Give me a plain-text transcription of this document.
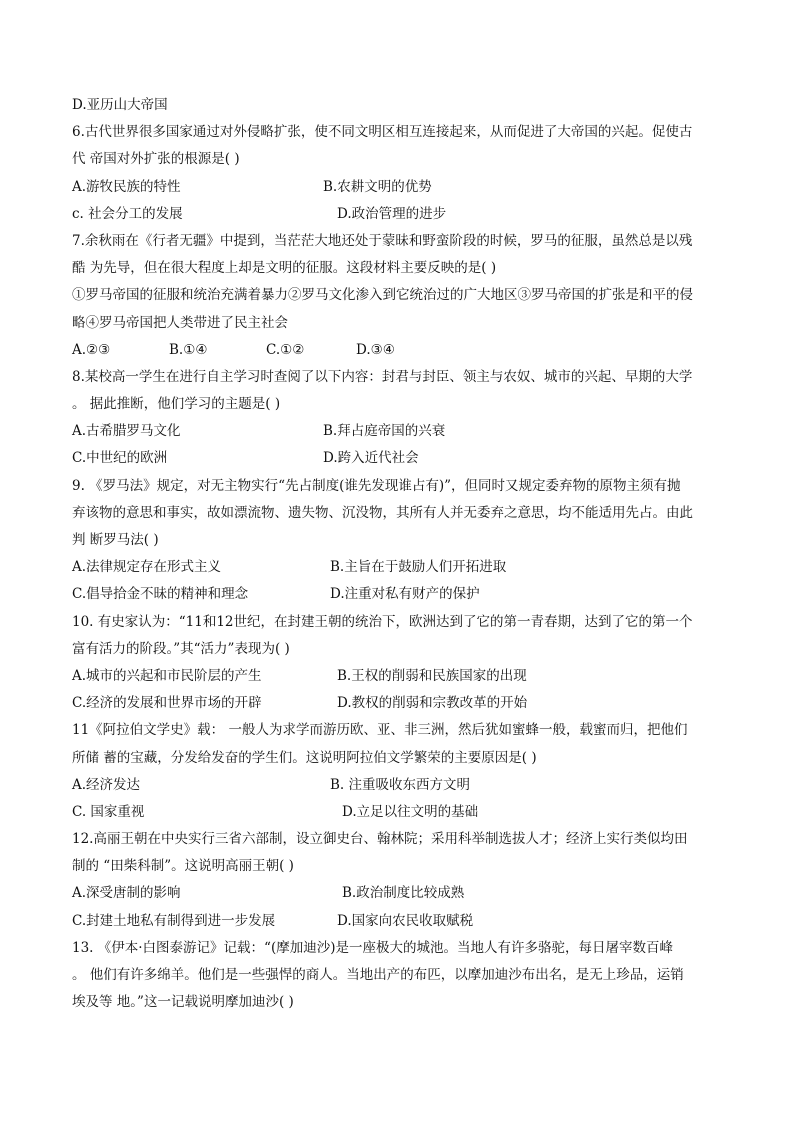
D.亚历山大帝国
6.古代世界很多国家通过对外侵略扩张，使不同文明区相互连接起来，从而促进了大帝国的兴起。促使古
代 帝国对外扩张的根源是( )
A.游牧民族的特性	B.农耕文明的优势
c. 社会分工的发展	D.政治管理的进步
7.余秋雨在《行者无疆》中提到，当茫茫大地还处于蒙昧和野蛮阶段的时候，罗马的征服，虽然总是以残
酷 为先导，但在很大程度上却是文明的征服。这段材料主要反映的是( )
①罗马帝国的征服和统治充满着暴力②罗马文化渗入到它统治过的广大地区③罗马帝国的扩张是和平的侵
略④罗马帝国把人类带进了民主社会
A.②③	B.①④	C.①②	D.③④
8.某校高一学生在进行自主学习时查阅了以下内容：封君与封臣、领主与农奴、城市的兴起、早期的大学
。 据此推断，他们学习的主题是( )
A.古希腊罗马文化	B.拜占庭帝国的兴衰
C.中世纪的欧洲	D.跨入近代社会
9. 《罗马法》规定，对无主物实行“先占制度(谁先发现谁占有)”，但同时又规定委弃物的原物主须有抛
弃该物的意思和事实，故如漂流物、遗失物、沉没物，其所有人并无委弃之意思，均不能适用先占。由此
判 断罗马法( )
A.法律规定存在形式主义	B.主旨在于鼓励人们开拓进取
C.倡导拾金不昧的精神和理念	D.注重对私有财产的保护
10. 有史家认为：“11和12世纪，在封建王朝的统治下，欧洲达到了它的第一青春期，达到了它的第一个
富有活力的阶段。”其“活力”表现为( )
A.城市的兴起和市民阶层的产生	B.王权的削弱和民族国家的出现
C.经济的发展和世界市场的开辟	D.教权的削弱和宗教改革的开始
11《阿拉伯文学史》载： 一般人为求学而游历欧、亚、非三洲，然后犹如蜜蜂一般，载蜜而归，把他们
所储 蓄的宝藏，分发给发奋的学生们。这说明阿拉伯文学繁荣的主要原因是( )
A.经济发达	B. 注重吸收东西方文明
C. 国家重视	D.立足以往文明的基础
12.高丽王朝在中央实行三省六部制，设立御史台、翰林院；采用科举制选拔人才；经济上实行类似均田
制的 “田柴科制”。这说明高丽王朝( )
A.深受唐制的影响	B.政治制度比较成熟
C.封建土地私有制得到进一步发展	D.国家向农民收取赋税
13. 《伊本·白图泰游记》记载：“(摩加迪沙)是一座极大的城池。当地人有许多骆驼，每日屠宰数百峰
。 他们有许多绵羊。他们是一些强悍的商人。当地出产的布匹，以摩加迪沙布出名，是无上珍品，运销
埃及等 地。”这一记载说明摩加迪沙( )
